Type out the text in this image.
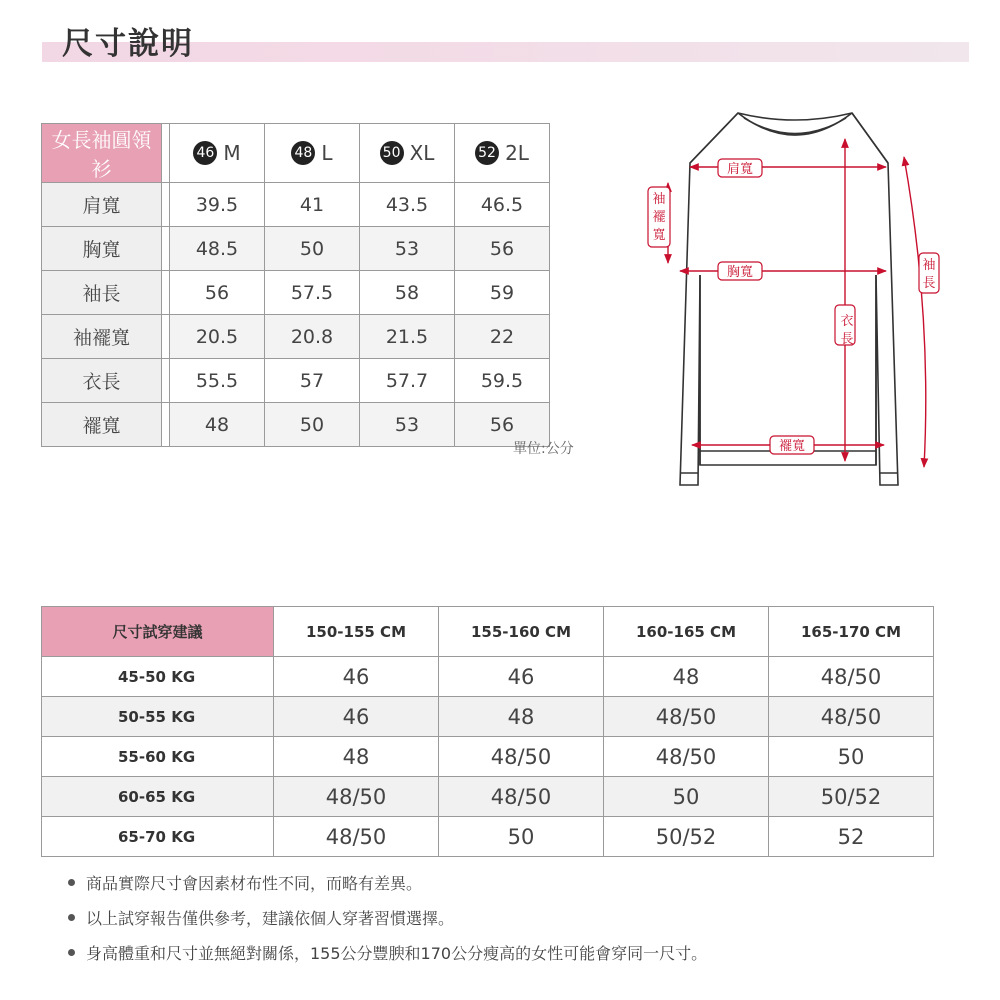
尺寸說明
女長袖圓領衫		46 M	48 L	50 XL	52 2L
肩寬		39.5	41	43.5	46.5
胸寬		48.5	50	53	56
袖長		56	57.5	58	59
袖襬寬		20.5	20.8	21.5	22
衣長		55.5	57	57.7	59.5
襬寬		48	50	53	56
單位:公分
肩寬
胸寬
襬寬
衣長
袖長
袖襬寬
尺寸試穿建議	150-155 CM	155-160 CM	160-165 CM	165-170 CM
45-50 KG	46	46	48	48/50
50-55 KG	46	48	48/50	48/50
55-60 KG	48	48/50	48/50	50
60-65 KG	48/50	48/50	50	50/52
65-70 KG	48/50	50	50/52	52
商品實際尺寸會因素材布性不同，而略有差異。
以上試穿報告僅供參考，建議依個人穿著習慣選擇。
身高體重和尺寸並無絕對關係，155公分豐腴和170公分瘦高的女性可能會穿同一尺寸。
